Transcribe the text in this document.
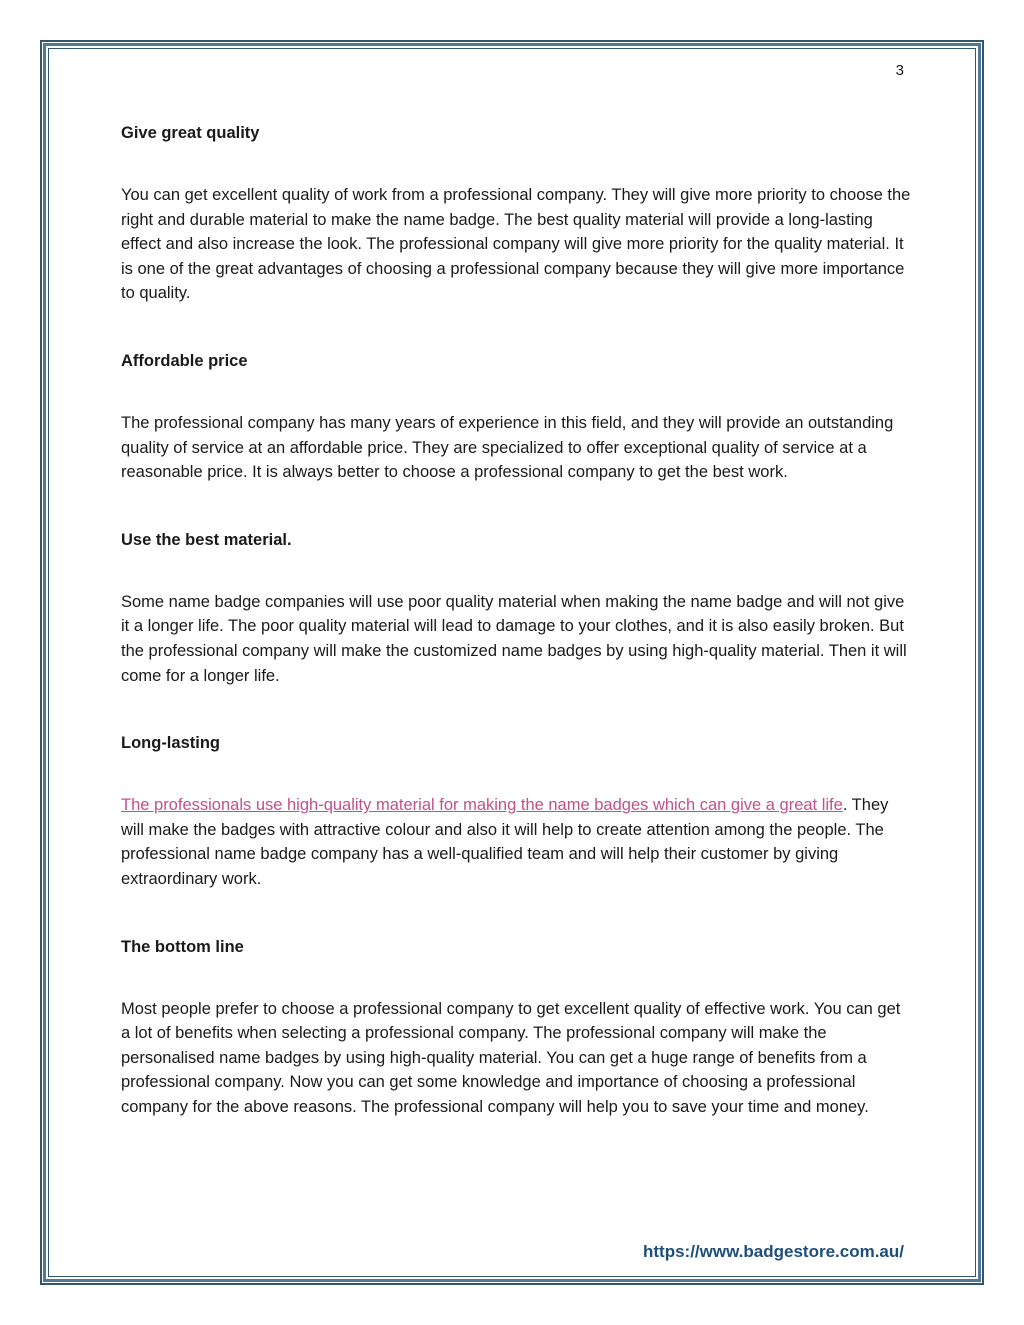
3
Give great quality

You can get excellent quality of work from a professional company. They will give more priority to choose the right and durable material to make the name badge. The best quality material will provide a long-lasting effect and also increase the look. The professional company will give more priority for the quality material. It is one of the great advantages of choosing a professional company because they will give more importance to quality.

Affordable price

The professional company has many years of experience in this field, and they will provide an outstanding quality of service at an affordable price. They are specialized to offer exceptional quality of service at a reasonable price. It is always better to choose a professional company to get the best work.

Use the best material.

Some name badge companies will use poor quality material when making the name badge and will not give it a longer life. The poor quality material will lead to damage to your clothes, and it is also easily broken. But the professional company will make the customized name badges by using high-quality material. Then it will come for a longer life.

Long-lasting

The professionals use high-quality material for making the name badges which can give a great life. They will make the badges with attractive colour and also it will help to create attention among the people. The professional name badge company has a well-qualified team and will help their customer by giving extraordinary work.

The bottom line

Most people prefer to choose a professional company to get excellent quality of effective work. You can get a lot of benefits when selecting a professional company. The professional company will make the personalised name badges by using high-quality material. You can get a huge range of benefits from a professional company. Now you can get some knowledge and importance of choosing a professional company for the above reasons. The professional company will help you to save your time and money.

https://www.badgestore.com.au/
